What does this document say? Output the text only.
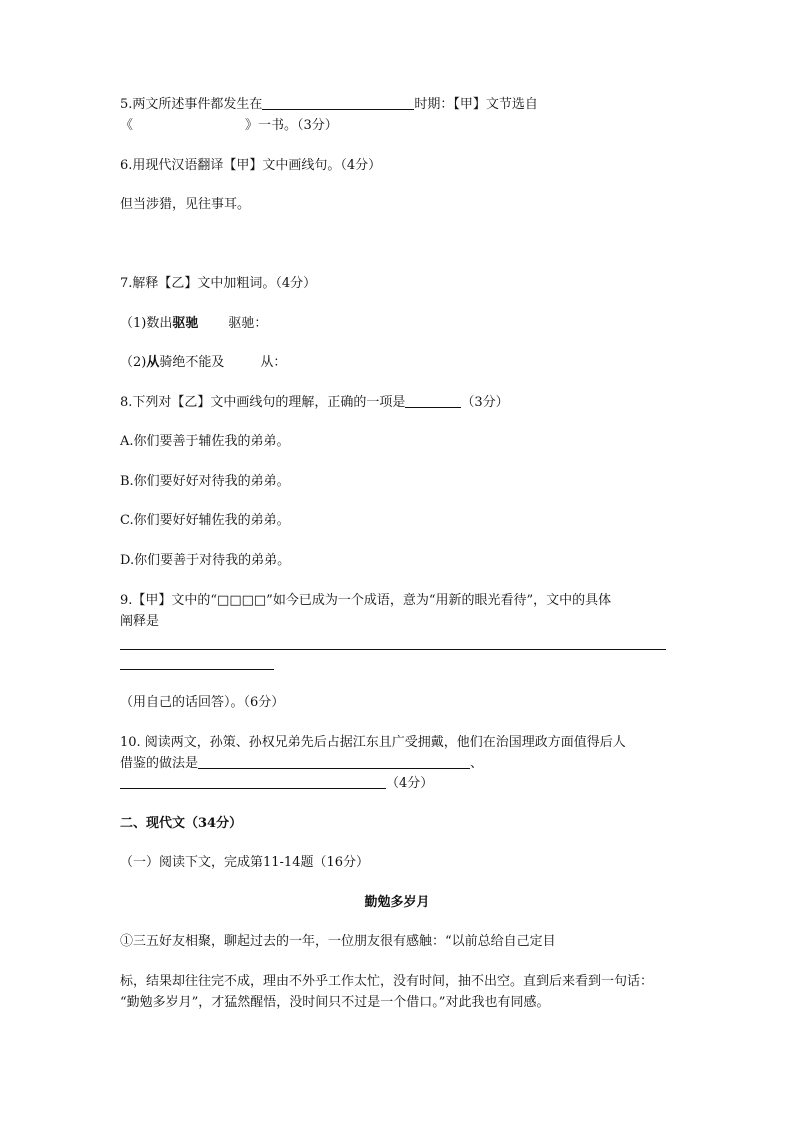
5.两文所述事件都发生在	时期：【甲】文节选自
《	》一书。（3分）
6.用现代汉语翻译【甲】文中画线句。（4分）
但当涉猎，见往事耳。
7.解释【乙】文中加粗词。（4分）
（1)数出驱驰 驱驰：
（2)从骑绝不能及	从：
8.下列对【乙】文中画线句的理解，正确的一项是	（3分）
A.你们要善于辅佐我的弟弟。
B.你们要好好对待我的弟弟。
C.你们要好好辅佐我的弟弟。
D.你们要善于对待我的弟弟。
9.【甲】文中的“□□□□”如今已成为一个成语，意为“用新的眼光看待”，文中的具体
阐释是
（用自己的话回答）。（6分）
10. 阅读两文，孙策、孙权兄弟先后占据江东且广受拥戴，他们在治国理政方面值得后人
借鉴的做法是	、
（4分）
二、现代文（34分）
（一）阅读下文，完成第11-14题（16分）
勤勉多岁月
①三五好友相聚，聊起过去的一年，一位朋友很有感触：“以前总给自己定目
标，结果却往往完不成，理由不外乎工作太忙，没有时间，抽不出空。直到后来看到一句话：
“勤勉多岁月”，才猛然醒悟，没时间只不过是一个借口。”对此我也有同感。
